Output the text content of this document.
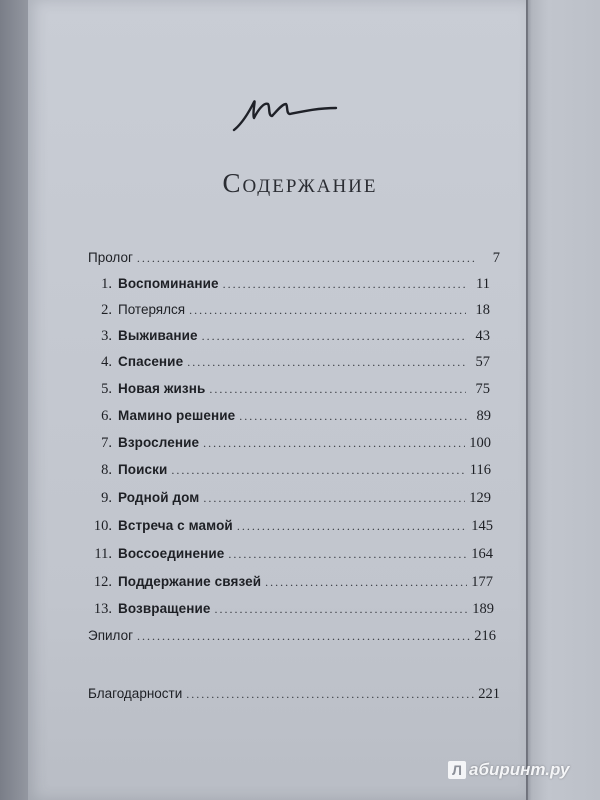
Содержание
Пролог .....	7
1. Воспоминание .....	11
2. Потерялся .....	18
3. Выживание .....	43
4. Спасение .....	57
5. Новая жизнь .....	75
6. Мамино решение .....	89
7. Взросление .....	100
8. Поиски .....	116
9. Родной дом .....	129
10. Встреча с мамой .....	145
11. Воссоединение .....	164
12. Поддержание связей .....	177
13. Возвращение .....	189
Эпилог .....	216
Благодарности .....	221
Л абиринт.ру
